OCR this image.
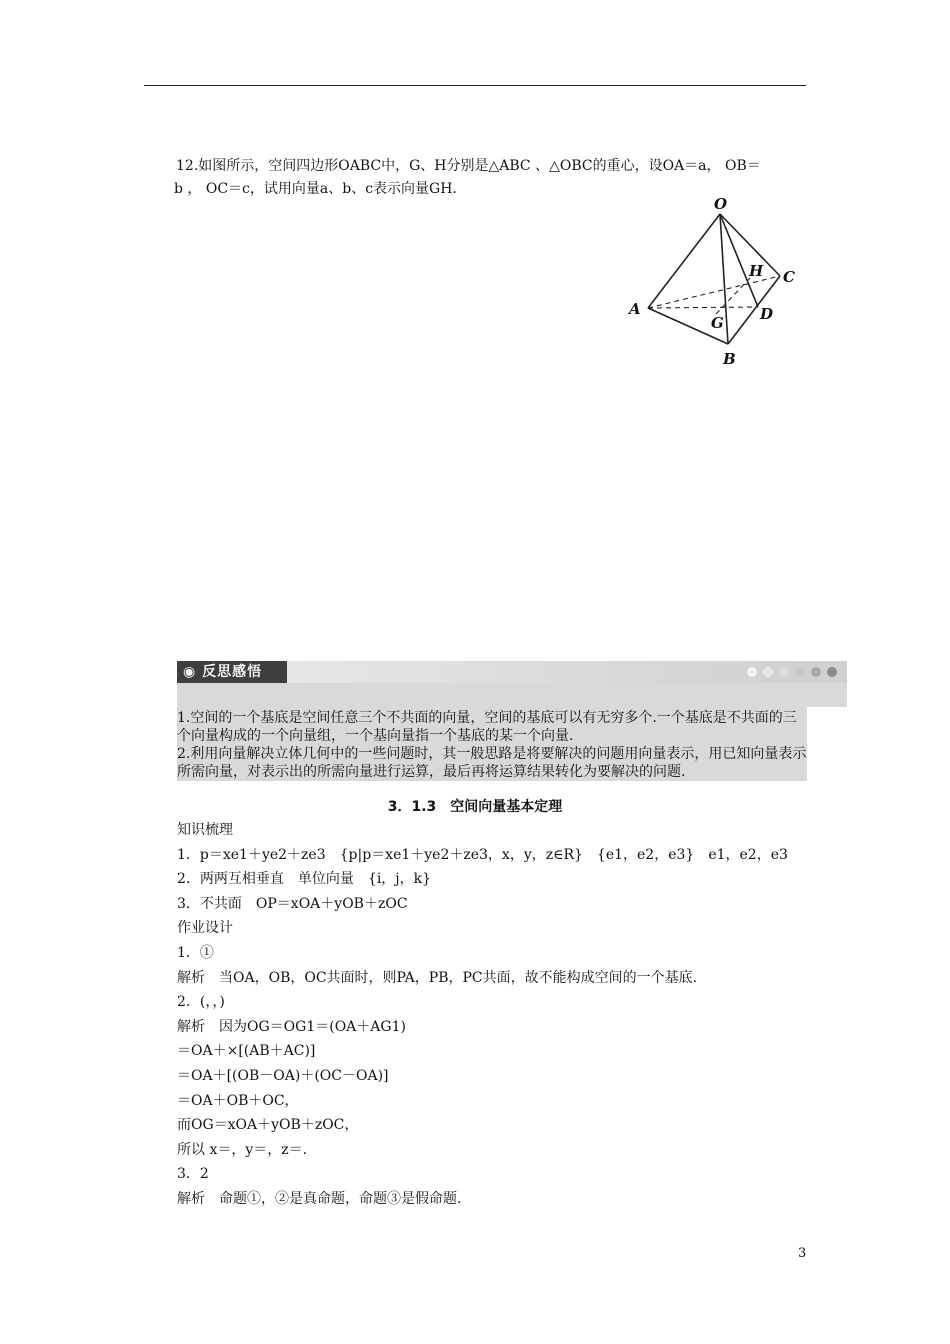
12.如图所示，空间四边形OABC中，G、H分别是△ABC 、△OBC的重心，设OA＝a， OB＝
b ， OC＝c，试用向量a、b、c表示向量GH.
O
A
B
C
D
G
H
◉ 反思感悟

1.空间的一个基底是空间任意三个不共面的向量，空间的基底可以有无穷多个.一个基底是不共面的三个向量构成的一个向量组，一个基向量指一个基底的某一个向量.

2.利用向量解决立体几何中的一些问题时，其一般思路是将要解决的问题用向量表示，用已知向量表示所需向量，对表示出的所需向量进行运算，最后再将运算结果转化为要解决的问题.

3．1.3　空间向量基本定理
知识梳理
1．p＝xe1＋ye2＋ze3　{p|p＝xe1＋ye2＋ze3，x，y，z∈R}　{e1，e2，e3}　e1，e2，e3
2．两两互相垂直　单位向量　{i，j，k}
3．不共面　OP＝xOA＋yOB＋zOC
作业设计
1．①
解析　当OA，OB，OC共面时，则PA，PB，PC共面，故不能构成空间的一个基底.
2．(，，)
解析　因为OG＝OG1＝(OA＋AG1)
＝OA＋×[(AB＋AC)]
＝OA＋[(OB－OA)＋(OC－OA)]
＝OA＋OB＋OC，
而OG＝xOA＋yOB＋zOC，
所以 x＝，y＝，z＝.
3．2
解析　命题①，②是真命题，命题③是假命题.
3
